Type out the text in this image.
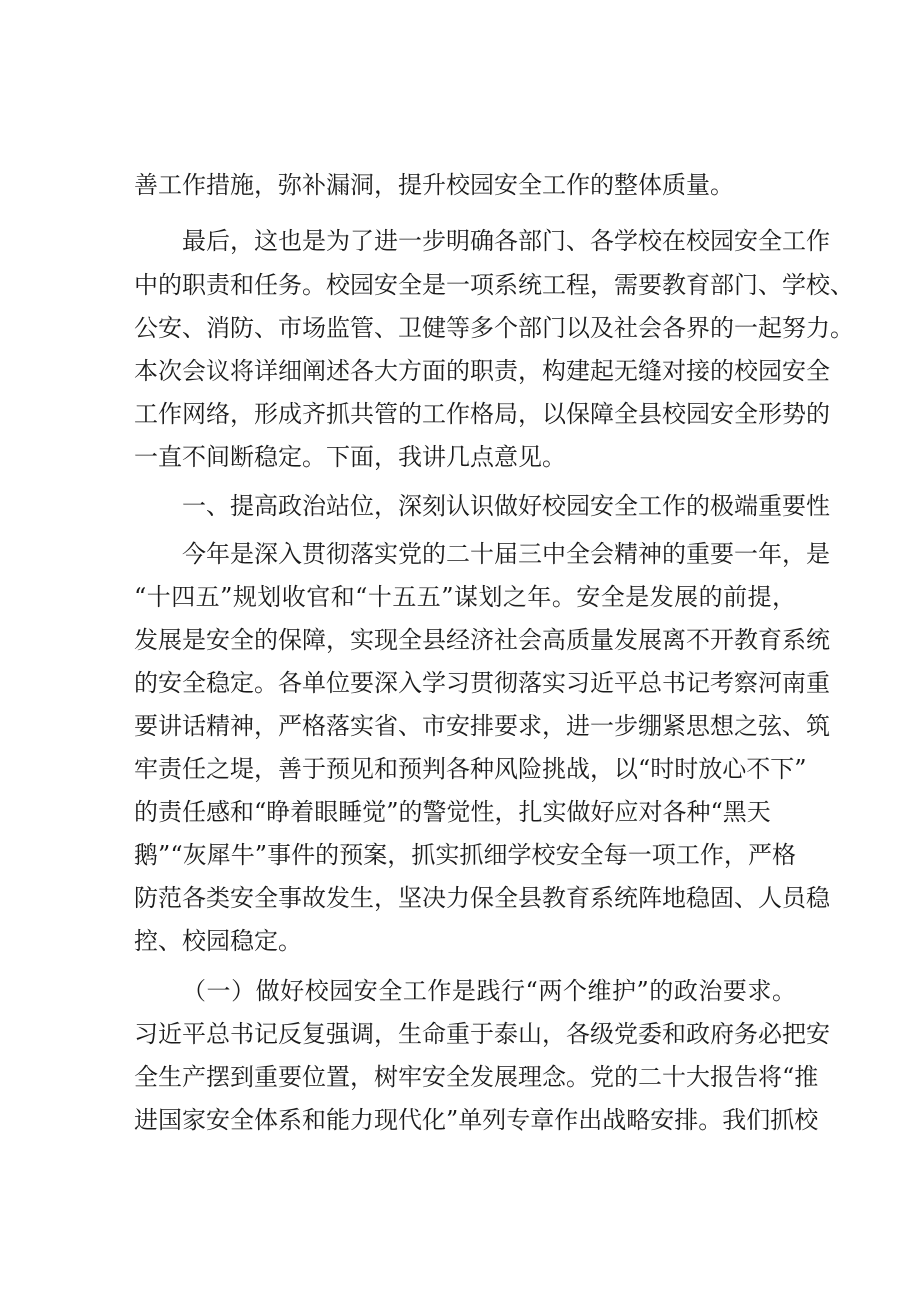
善工作措施，弥补漏洞，提升校园安全工作的整体质量。
最后，这也是为了进一步明确各部门、各学校在校园安全工作
中的职责和任务。校园安全是一项系统工程，需要教育部门、学校、
公安、消防、市场监管、卫健等多个部门以及社会各界的一起努力。
本次会议将详细阐述各大方面的职责，构建起无缝对接的校园安全
工作网络，形成齐抓共管的工作格局，以保障全县校园安全形势的
一直不间断稳定。下面，我讲几点意见。
一、提高政治站位，深刻认识做好校园安全工作的极端重要性
今年是深入贯彻落实党的二十届三中全会精神的重要一年，是
“十四五”规划收官和“十五五”谋划之年。安全是发展的前提，
发展是安全的保障，实现全县经济社会高质量发展离不开教育系统
的安全稳定。各单位要深入学习贯彻落实习近平总书记考察河南重
要讲话精神，严格落实省、市安排要求，进一步绷紧思想之弦、筑
牢责任之堤，善于预见和预判各种风险挑战，以“时时放心不下”
的责任感和“睁着眼睡觉”的警觉性，扎实做好应对各种“黑天
鹅”“灰犀牛”事件的预案，抓实抓细学校安全每一项工作，严格
防范各类安全事故发生，坚决力保全县教育系统阵地稳固、人员稳
控、校园稳定。
（一）做好校园安全工作是践行“两个维护”的政治要求。
习近平总书记反复强调，生命重于泰山，各级党委和政府务必把安
全生产摆到重要位置，树牢安全发展理念。党的二十大报告将“推
进国家安全体系和能力现代化”单列专章作出战略安排。我们抓校
